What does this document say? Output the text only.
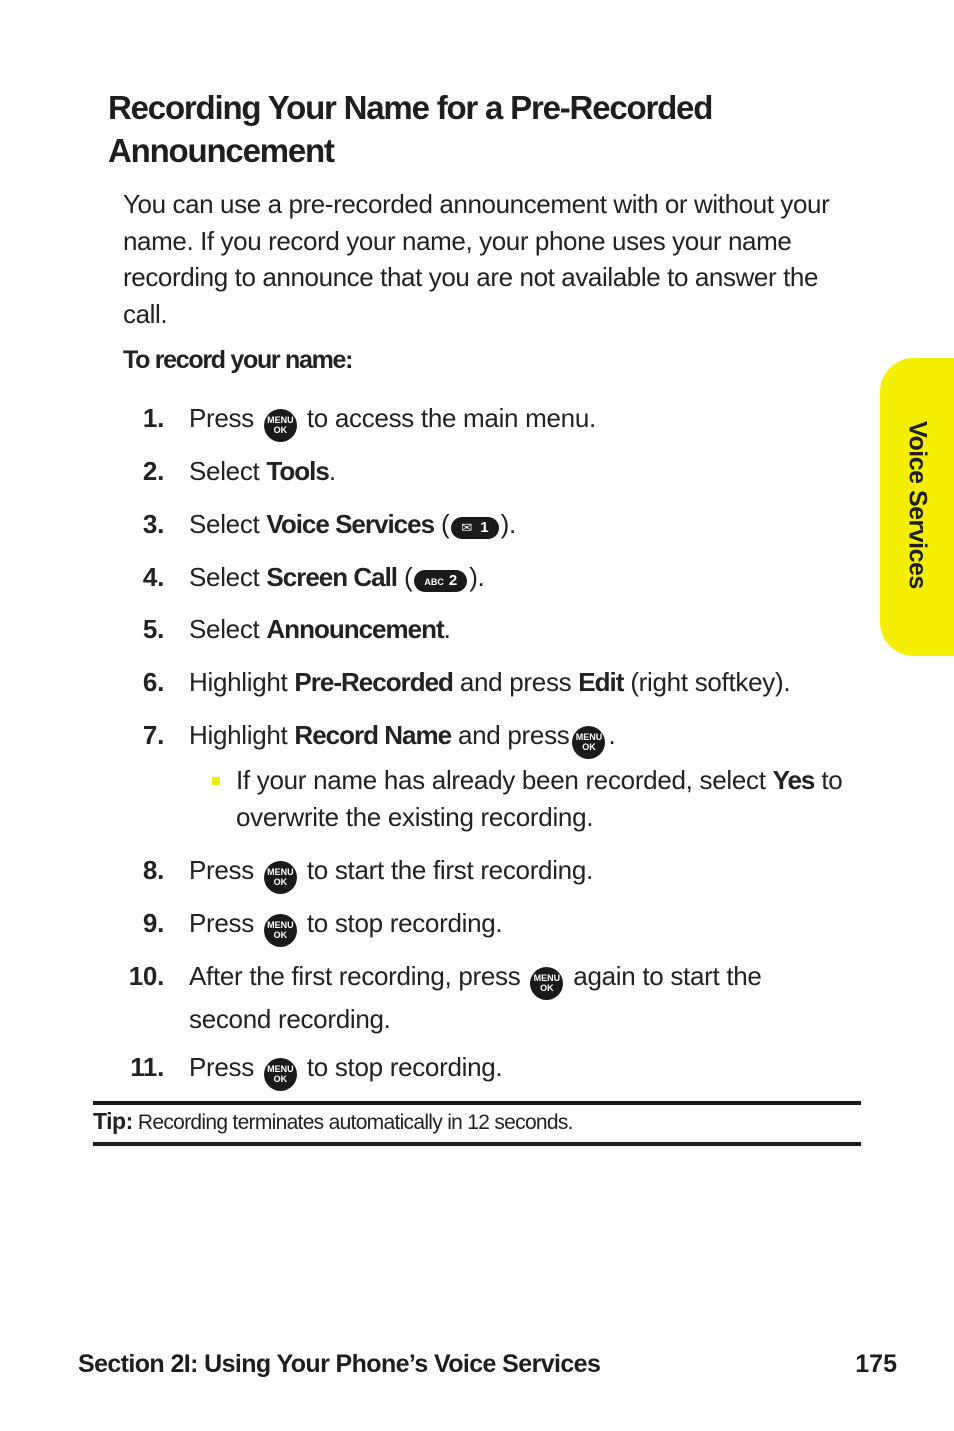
Recording Your Name for a Pre-Recorded Announcement
You can use a pre-recorded announcement with or without your name. If you record your name, your phone uses your name recording to announce that you are not available to answer the call.
To record your name:
1. Press MENU
OK to access the main menu.
2. Select Tools.
3. Select Voice Services ( ✉ 1 ).
4. Select Screen Call ( ABC 2 ).
5. Select Announcement.
6. Highlight Pre-Recorded and press Edit (right softkey).
7. Highlight Record Name and press MENU
OK .
If your name has already been recorded, select Yes to overwrite the existing recording.
8. Press MENU
OK to start the first recording.
9. Press MENU
OK to stop recording.
10. After the first recording, press MENU
OK again to start the second recording.
11. Press MENU
OK to stop recording.
Tip: Recording terminates automatically in 12 seconds.
Voice Services
Section 2I: Using Your Phone’s Voice Services	175
